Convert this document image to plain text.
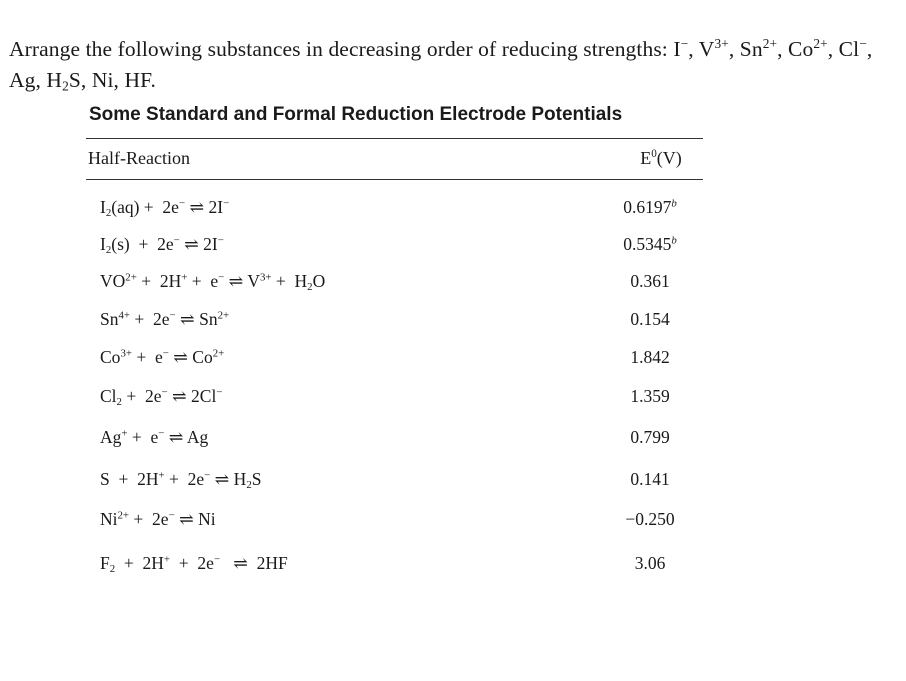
Arrange the following substances in decreasing order of reducing strengths: I−, $V^{3+}$, $Sn^{2+}$, $Co^{2+}$, Cl−, Ag, $H_2S$, Ni, HF.
Some Standard and Formal Reduction Electrode Potentials
Half-Reaction	$E^0(V)$
$I_2(aq) + 2e^-$ ⇌ 2I−	0.6197$^b$
$I_2(s) + 2e^-$ ⇌ 2I−	0.5345$^b$
$VO^{2+} + 2H^+ + e^-$ ⇌ $V^{3+} + H_2O$	0.361
$Sn^{4+} + 2e^-$ ⇌ $Sn^{2+}$	0.154
$Co^{3+} + e^-$ ⇌ $Co^{2+}$	1.842
$Cl_2 + 2e^-$ ⇌ 2Cl−	1.359
Ag+ +  e− ⇌ Ag	0.799
S  +  2H+ +  2e− ⇌ $H_2S$	0.141
$Ni^{2+} + 2e^-$ ⇌ Ni	−0.250
$F_2 + 2H^+ + 2e^-$   ⇌  2HF	3.06
